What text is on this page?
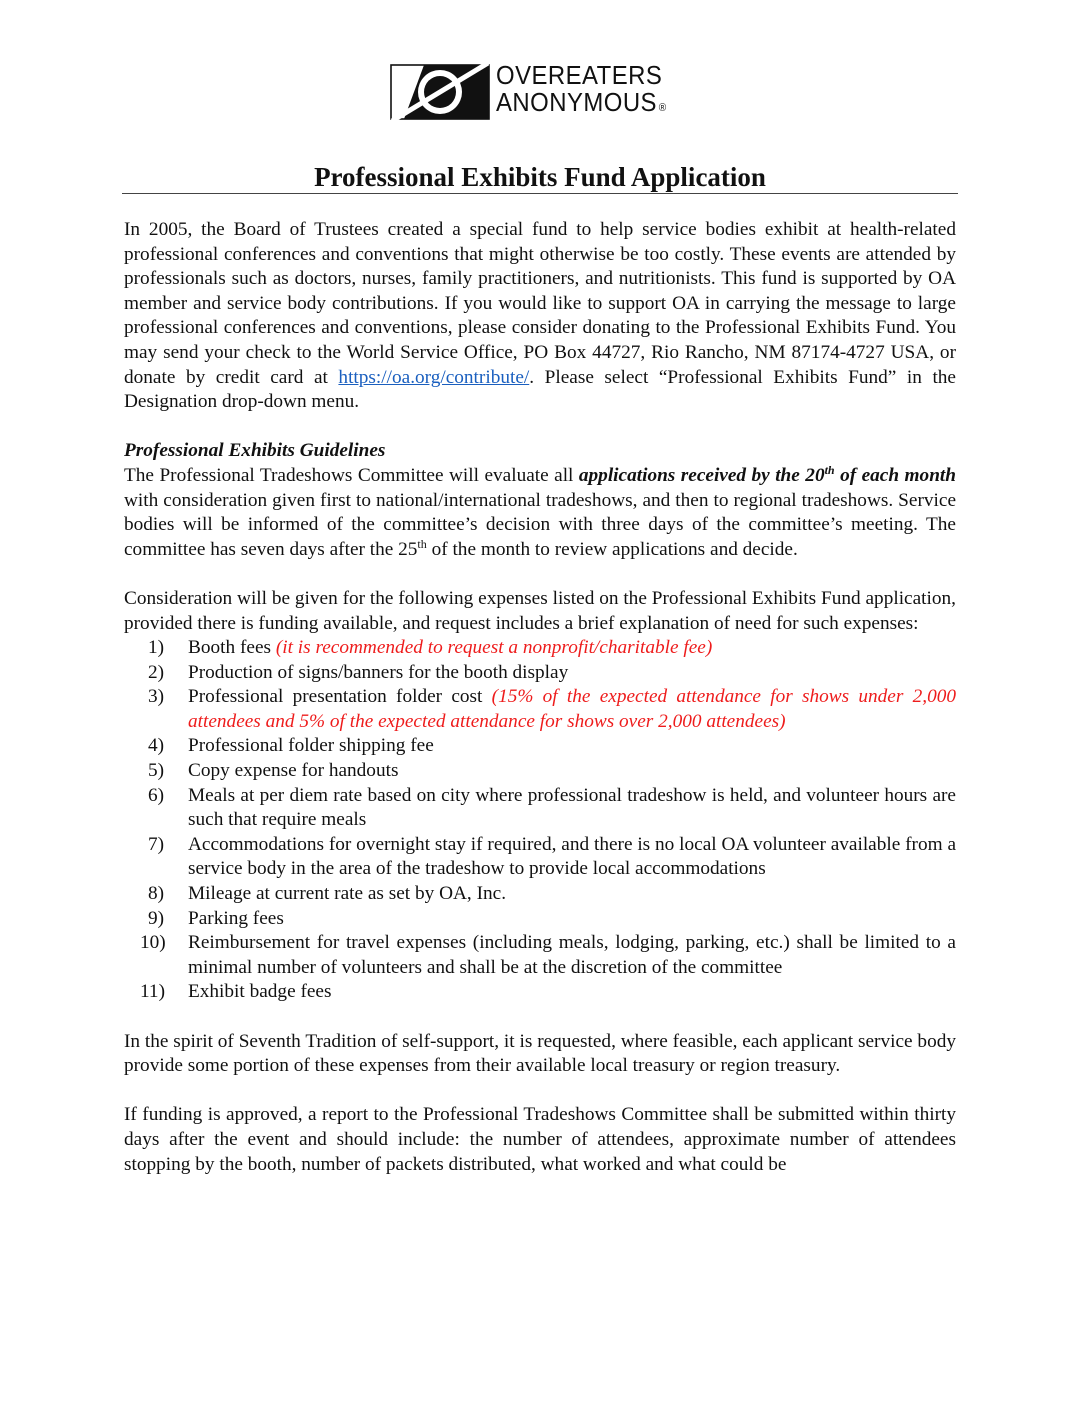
OVEREATERS
ANONYMOUS ®
Professional Exhibits Fund Application

In 2005, the Board of Trustees created a special fund to help service bodies exhibit at health-related professional conferences and conventions that might otherwise be too costly. These events are attended by professionals such as doctors, nurses, family practitioners, and nutritionists. This fund is supported by OA member and service body contributions. If you would like to support OA in carrying the message to large professional conferences and conventions, please consider donating to the Professional Exhibits Fund. You may send your check to the World Service Office, PO Box 44727, Rio Rancho, NM 87174-4727 USA, or donate by credit card at https://oa.org/contribute/. Please select “Professional Exhibits Fund” in the Designation drop-down menu.

Professional Exhibits Guidelines

The Professional Tradeshows Committee will evaluate all applications received by the 20th of each month with consideration given first to national/international tradeshows, and then to regional tradeshows. Service bodies will be informed of the committee’s decision with three days of the committee’s meeting. The committee has seven days after the 25th of the month to review applications and decide.

Consideration will be given for the following expenses listed on the Professional Exhibits Fund application, provided there is funding available, and request includes a brief explanation of need for such expenses:

1) Booth fees (it is recommended to request a nonprofit/charitable fee)
2) Production of signs/banners for the booth display
3) Professional presentation folder cost (15% of the expected attendance for shows under 2,000 attendees and 5% of the expected attendance for shows over 2,000 attendees)
4) Professional folder shipping fee
5) Copy expense for handouts
6) Meals at per diem rate based on city where professional tradeshow is held, and volunteer hours are such that require meals
7) Accommodations for overnight stay if required, and there is no local OA volunteer available from a service body in the area of the tradeshow to provide local accommodations
8) Mileage at current rate as set by OA, Inc.
9) Parking fees
10) Reimbursement for travel expenses (including meals, lodging, parking, etc.) shall be limited to a minimal number of volunteers and shall be at the discretion of the committee
11) Exhibit badge fees

In the spirit of Seventh Tradition of self-support, it is requested, where feasible, each applicant service body provide some portion of these expenses from their available local treasury or region treasury.

If funding is approved, a report to the Professional Tradeshows Committee shall be submitted within thirty days after the event and should include: the number of attendees, approximate number of attendees stopping by the booth, number of packets distributed, what worked and what could be
